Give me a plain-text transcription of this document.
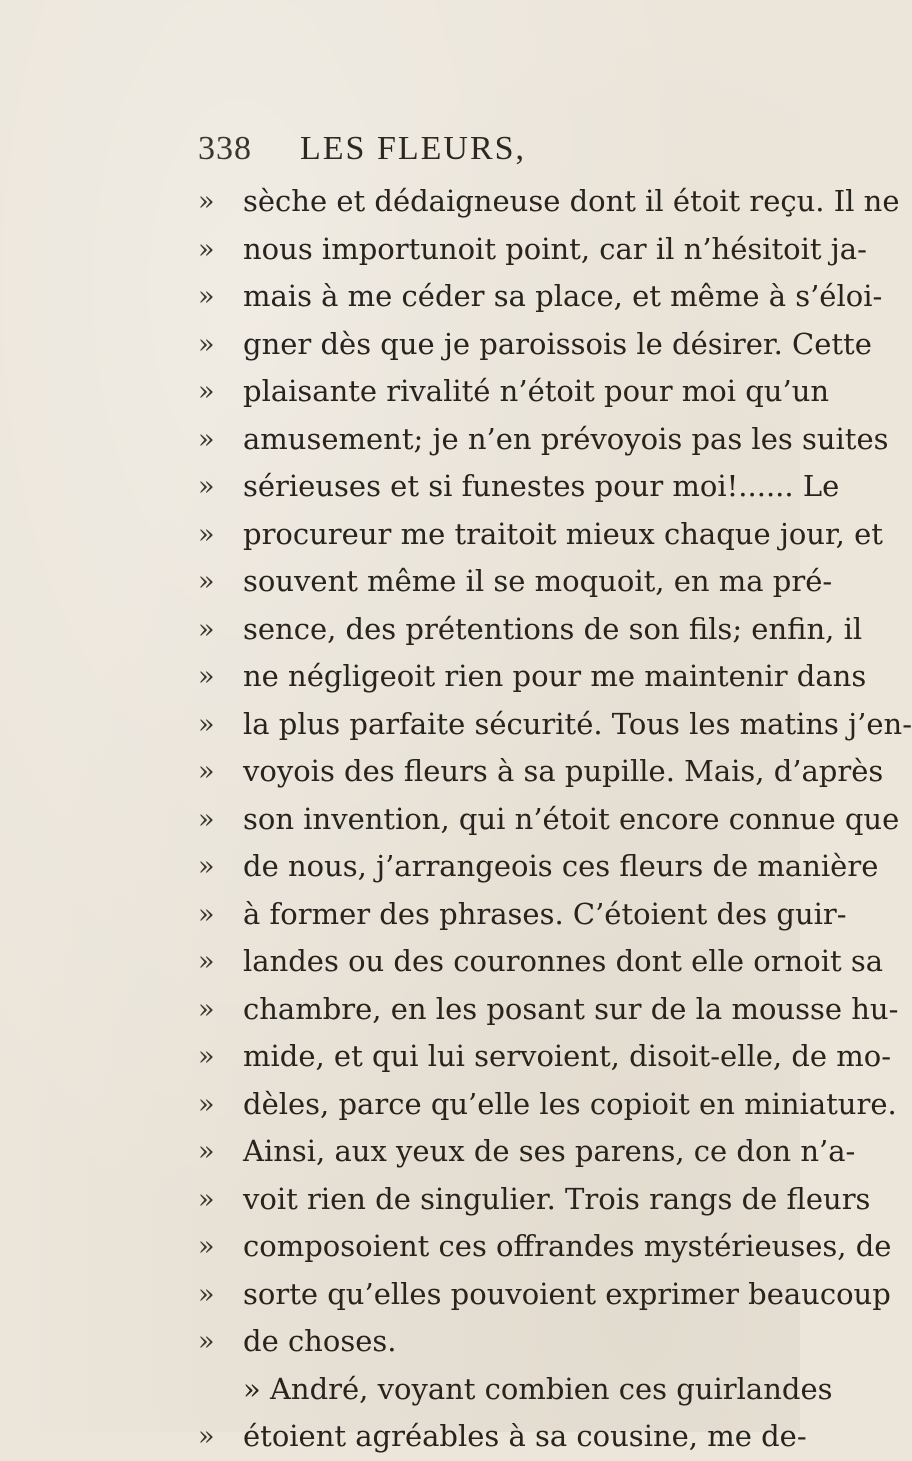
338 LES FLEURS,
» sèche et dédaigneuse dont il étoit reçu. Il ne
» nous importunoit point, car il n’hésitoit ja-
» mais à me céder sa place, et même à s’éloi-
» gner dès que je paroissois le désirer. Cette
» plaisante rivalité n’étoit pour moi qu’un
» amusement; je n’en prévoyois pas les suites
» sérieuses et si funestes pour moi!...... Le
» procureur me traitoit mieux chaque jour, et
» souvent même il se moquoit, en ma pré-
» sence, des prétentions de son fils; enfin, il
» ne négligeoit rien pour me maintenir dans
» la plus parfaite sécurité. Tous les matins j’en-
» voyois des fleurs à sa pupille. Mais, d’après
» son invention, qui n’étoit encore connue que
» de nous, j’arrangeois ces fleurs de manière
» à former des phrases. C’étoient des guir-
» landes ou des couronnes dont elle ornoit sa
» chambre, en les posant sur de la mousse hu-
» mide, et qui lui servoient, disoit-elle, de mo-
» dèles, parce qu’elle les copioit en miniature.
» Ainsi, aux yeux de ses parens, ce don n’a-
» voit rien de singulier. Trois rangs de fleurs
» composoient ces offrandes mystérieuses, de
» sorte qu’elles pouvoient exprimer beaucoup
» de choses.
» André, voyant combien ces guirlandes
» étoient agréables à sa cousine, me de-
